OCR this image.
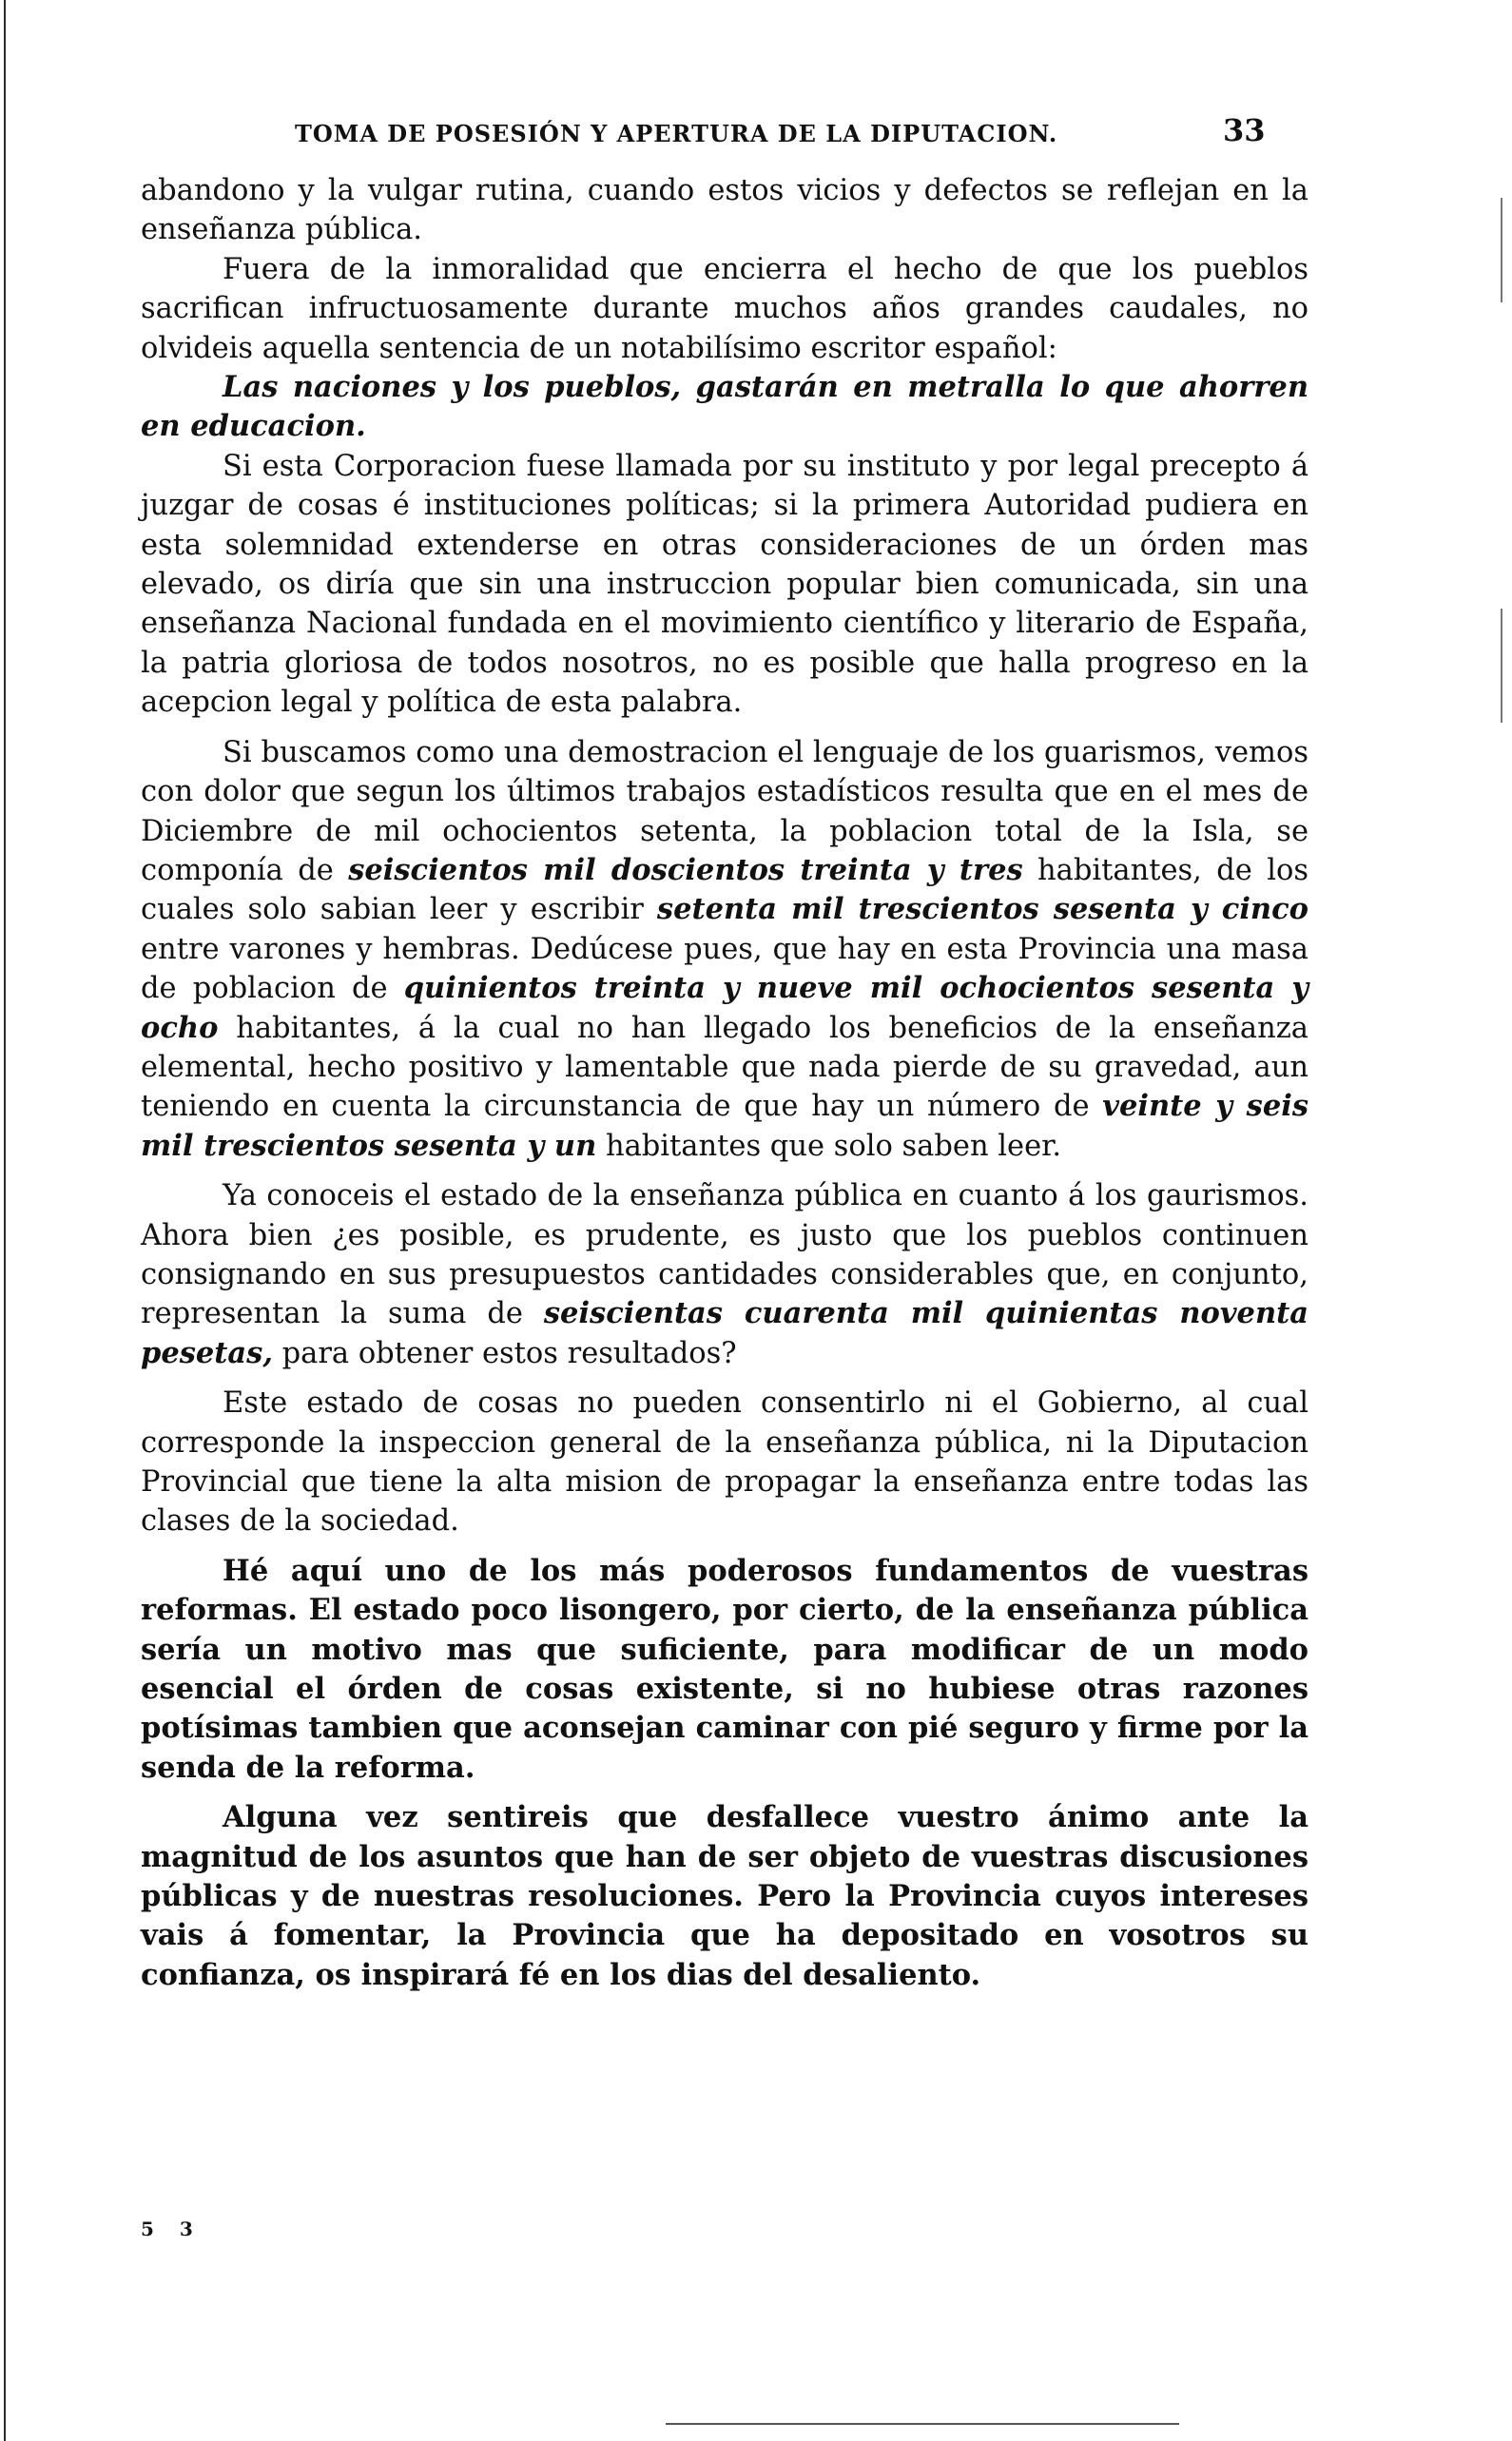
TOMA DE POSESIÓN Y APERTURA DE LA DIPUTACION.	33

abandono y la vulgar rutina, cuando estos vicios y defectos se reflejan en la enseñanza pública.

Fuera de la inmoralidad que encierra el hecho de que los pueblos sacrifican infructuosamente durante muchos años grandes caudales, no olvideis aquella sentencia de un notabilísimo escritor español:

Las naciones y los pueblos, gastarán en metralla lo que ahorren en educacion.

Si esta Corporacion fuese llamada por su instituto y por legal precepto á juzgar de cosas é instituciones políticas; si la primera Autoridad pudiera en esta solemnidad extenderse en otras consideraciones de un órden mas elevado, os diría que sin una instruccion popular bien comunicada, sin una enseñanza Nacional fundada en el movimiento científico y literario de España, la patria gloriosa de todos nosotros, no es posible que halla progreso en la acepcion legal y política de esta palabra.

Si buscamos como una demostracion el lenguaje de los guarismos, vemos con dolor que segun los últimos trabajos estadísticos resulta que en el mes de Diciembre de mil ochocientos setenta, la poblacion total de la Isla, se componía de seiscientos mil doscientos treinta y tres habitantes, de los cuales solo sabian leer y escribir setenta mil trescientos sesenta y cinco entre varones y hembras. Dedúcese pues, que hay en esta Provincia una masa de poblacion de quinientos treinta y nueve mil ochocientos sesenta y ocho habitantes, á la cual no han llegado los beneficios de la enseñanza elemental, hecho positivo y lamentable que nada pierde de su gravedad, aun teniendo en cuenta la circunstancia de que hay un número de veinte y seis mil trescientos sesenta y un habitantes que solo saben leer.

Ya conoceis el estado de la enseñanza pública en cuanto á los gaurismos. Ahora bien ¿es posible, es prudente, es justo que los pueblos continuen consignando en sus presupuestos cantidades considerables que, en conjunto, representan la suma de seiscientas cuarenta mil quinientas noventa pesetas, para obtener estos resultados?

Este estado de cosas no pueden consentirlo ni el Gobierno, al cual corresponde la inspeccion general de la enseñanza pública, ni la Diputacion Provincial que tiene la alta mision de propagar la enseñanza entre todas las clases de la sociedad.

Hé aquí uno de los más poderosos fundamentos de vuestras reformas. El estado poco lisongero, por cierto, de la enseñanza pública sería un motivo mas que suficiente, para modificar de un modo esencial el órden de cosas existente, si no hubiese otras razones potísimas tambien que aconsejan caminar con pié seguro y firme por la senda de la reforma.

Alguna vez sentireis que desfallece vuestro ánimo ante la magnitud de los asuntos que han de ser objeto de vuestras discusiones públicas y de nuestras resoluciones. Pero la Provincia cuyos intereses vais á fomentar, la Provincia que ha depositado en vosotros su confianza, os inspirará fé en los dias del desaliento.

5 3
